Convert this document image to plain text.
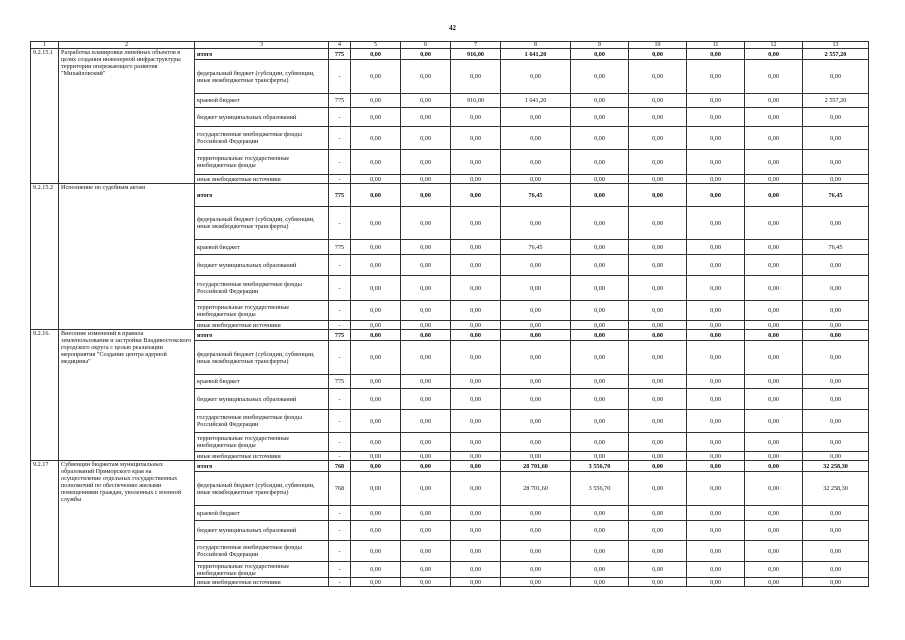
42
1	2	3	4	5	6	7	8	9	10	11	12	13
9.2.15.1	Разработка планировки линейных объектов в целях создания инженерной инфраструктуры территории опережающего развития "Михайловский"	итого	775	0,00	0,00	916,00	1 641,20	0,00	0,00	0,00	0,00	2 557,20
		федеральный бюджет (субсидии, субвенции, иные межбюджетные трансферты)	-	0,00	0,00	0,00	0,00	0,00	0,00	0,00	0,00	0,00
		краевой бюджет	775	0,00	0,00	916,00	1 641,20	0,00	0,00	0,00	0,00	2 557,20
		бюджет муниципальных образований	-	0,00	0,00	0,00	0,00	0,00	0,00	0,00	0,00	0,00
		государственные внебюджетные фонды Российской Федерации	-	0,00	0,00	0,00	0,00	0,00	0,00	0,00	0,00	0,00
		территориальные государственные внебюджетные фонды	-	0,00	0,00	0,00	0,00	0,00	0,00	0,00	0,00	0,00
		иные внебюджетные источники	-	0,00	0,00	0,00	0,00	0,00	0,00	0,00	0,00	0,00
9.2.15.2	Исполнение по судебным актам	итого	775	0,00	0,00	0,00	76,45	0,00	0,00	0,00	0,00	76,45
		федеральный бюджет (субсидии, субвенции, иные межбюджетные трансферты)	-	0,00	0,00	0,00	0,00	0,00	0,00	0,00	0,00	0,00
		краевой бюджет	775	0,00	0,00	0,00	76,45	0,00	0,00	0,00	0,00	76,45
		бюджет муниципальных образований	-	0,00	0,00	0,00	0,00	0,00	0,00	0,00	0,00	0,00
		государственные внебюджетные фонды Российской Федерации	-	0,00	0,00	0,00	0,00	0,00	0,00	0,00	0,00	0,00
		территориальные государственные внебюджетные фонды	-	0,00	0,00	0,00	0,00	0,00	0,00	0,00	0,00	0,00
		иные внебюджетные источники	-	0,00	0,00	0,00	0,00	0,00	0,00	0,00	0,00	0,00
9.2.16.	Внесение изменений в правила землепользования и застройки Владивостокского городского округа с целью реализации мероприятия "Создание центра ядерной медицины"	итого	775	0,00	0,00	0,00	0,00	0,00	0,00	0,00	0,00	0,00
		федеральный бюджет (субсидии, субвенции, иные межбюджетные трансферты)	-	0,00	0,00	0,00	0,00	0,00	0,00	0,00	0,00	0,00
		краевой бюджет	775	0,00	0,00	0,00	0,00	0,00	0,00	0,00	0,00	0,00
		бюджет муниципальных образований	-	0,00	0,00	0,00	0,00	0,00	0,00	0,00	0,00	0,00
		государственные внебюджетные фонды Российской Федерации	-	0,00	0,00	0,00	0,00	0,00	0,00	0,00	0,00	0,00
		территориальные государственные внебюджетные фонды	-	0,00	0,00	0,00	0,00	0,00	0,00	0,00	0,00	0,00
		иные внебюджетные источники	-	0,00	0,00	0,00	0,00	0,00	0,00	0,00	0,00	0,00
9.2.17	Субвенции бюджетам муниципальных образований Приморского края на осуществление отдельных государственных полномочий по обеспечению жилыми помещениями граждан, уволенных с военной службы	итого	768	0,00	0,00	0,00	28 701,60	3 556,70	0,00	0,00	0,00	32 258,30
		федеральный бюджет (субсидии, субвенции, иные межбюджетные трансферты)	768	0,00	0,00	0,00	28 701,60	3 556,70	0,00	0,00	0,00	32 258,30
		краевой бюджет	-	0,00	0,00	0,00	0,00	0,00	0,00	0,00	0,00	0,00
		бюджет муниципальных образований	-	0,00	0,00	0,00	0,00	0,00	0,00	0,00	0,00	0,00
		государственные внебюджетные фонды Российской Федерации	-	0,00	0,00	0,00	0,00	0,00	0,00	0,00	0,00	0,00
		территориальные государственные внебюджетные фонды	-	0,00	0,00	0,00	0,00	0,00	0,00	0,00	0,00	0,00
		иные внебюджетные источники	-	0,00	0,00	0,00	0,00	0,00	0,00	0,00	0,00	0,00
